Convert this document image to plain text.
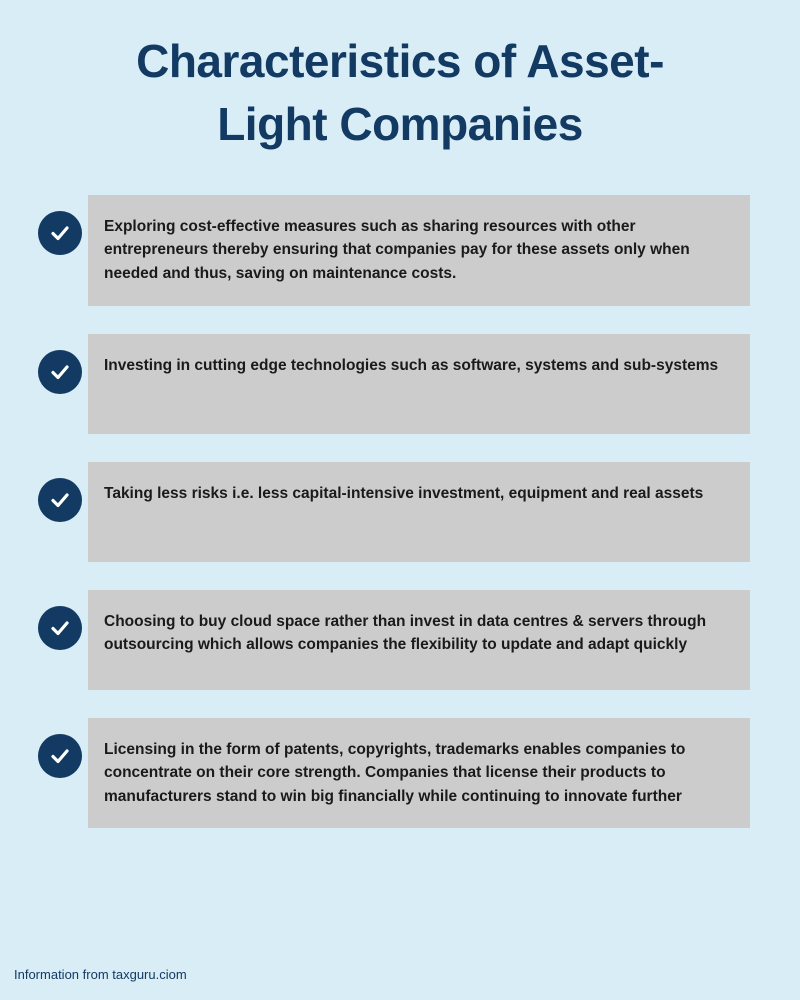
Characteristics of Asset-Light Companies

Exploring cost-effective measures such as sharing resources with other entrepreneurs thereby ensuring that companies pay for these assets only when needed and thus, saving on maintenance costs.

Investing in cutting edge technologies such as software, systems and sub-systems

Taking less risks i.e. less capital-intensive investment, equipment and real assets

Choosing to buy cloud space rather than invest in data centres & servers through outsourcing which allows companies the flexibility to update and adapt quickly

Licensing in the form of patents, copyrights, trademarks enables companies to concentrate on their core strength. Companies that license their products to manufacturers stand to win big financially while continuing to innovate further

Information from taxguru.ciom
